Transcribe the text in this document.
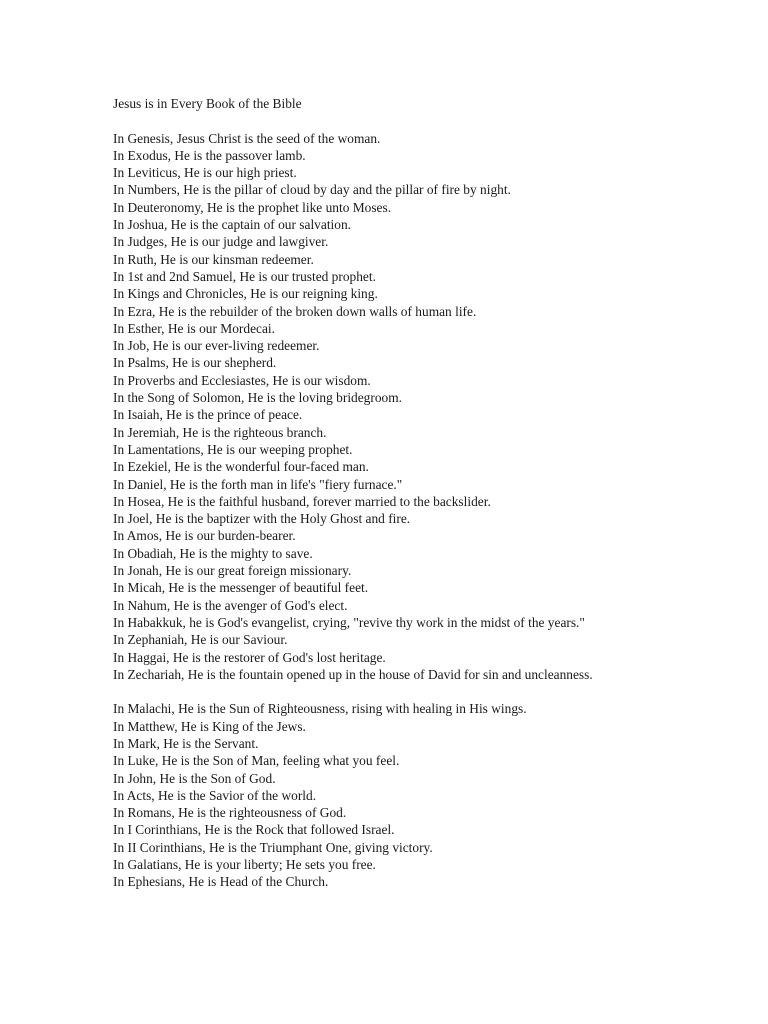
Jesus is in Every Book of the Bible

In Genesis, Jesus Christ is the seed of the woman.

In Exodus, He is the passover lamb.

In Leviticus, He is our high priest.

In Numbers, He is the pillar of cloud by day and the pillar of fire by night.

In Deuteronomy, He is the prophet like unto Moses.

In Joshua, He is the captain of our salvation.

In Judges, He is our judge and lawgiver.

In Ruth, He is our kinsman redeemer.

In 1st and 2nd Samuel, He is our trusted prophet.

In Kings and Chronicles, He is our reigning king.

In Ezra, He is the rebuilder of the broken down walls of human life.

In Esther, He is our Mordecai.

In Job, He is our ever-living redeemer.

In Psalms, He is our shepherd.

In Proverbs and Ecclesiastes, He is our wisdom.

In the Song of Solomon, He is the loving bridegroom.

In Isaiah, He is the prince of peace.

In Jeremiah, He is the righteous branch.

In Lamentations, He is our weeping prophet.

In Ezekiel, He is the wonderful four-faced man.

In Daniel, He is the forth man in life's "fiery furnace."

In Hosea, He is the faithful husband, forever married to the backslider.

In Joel, He is the baptizer with the Holy Ghost and fire.

In Amos, He is our burden-bearer.

In Obadiah, He is the mighty to save.

In Jonah, He is our great foreign missionary.

In Micah, He is the messenger of beautiful feet.

In Nahum, He is the avenger of God's elect.

In Habakkuk, he is God's evangelist, crying, "revive thy work in the midst of the years."

In Zephaniah, He is our Saviour.

In Haggai, He is the restorer of God's lost heritage.

In Zechariah, He is the fountain opened up in the house of David for sin and uncleanness.

In Malachi, He is the Sun of Righteousness, rising with healing in His wings.

In Matthew, He is King of the Jews.

In Mark, He is the Servant.

In Luke, He is the Son of Man, feeling what you feel.

In John, He is the Son of God.

In Acts, He is the Savior of the world.

In Romans, He is the righteousness of God.

In I Corinthians, He is the Rock that followed Israel.

In II Corinthians, He is the Triumphant One, giving victory.

In Galatians, He is your liberty; He sets you free.

In Ephesians, He is Head of the Church.
